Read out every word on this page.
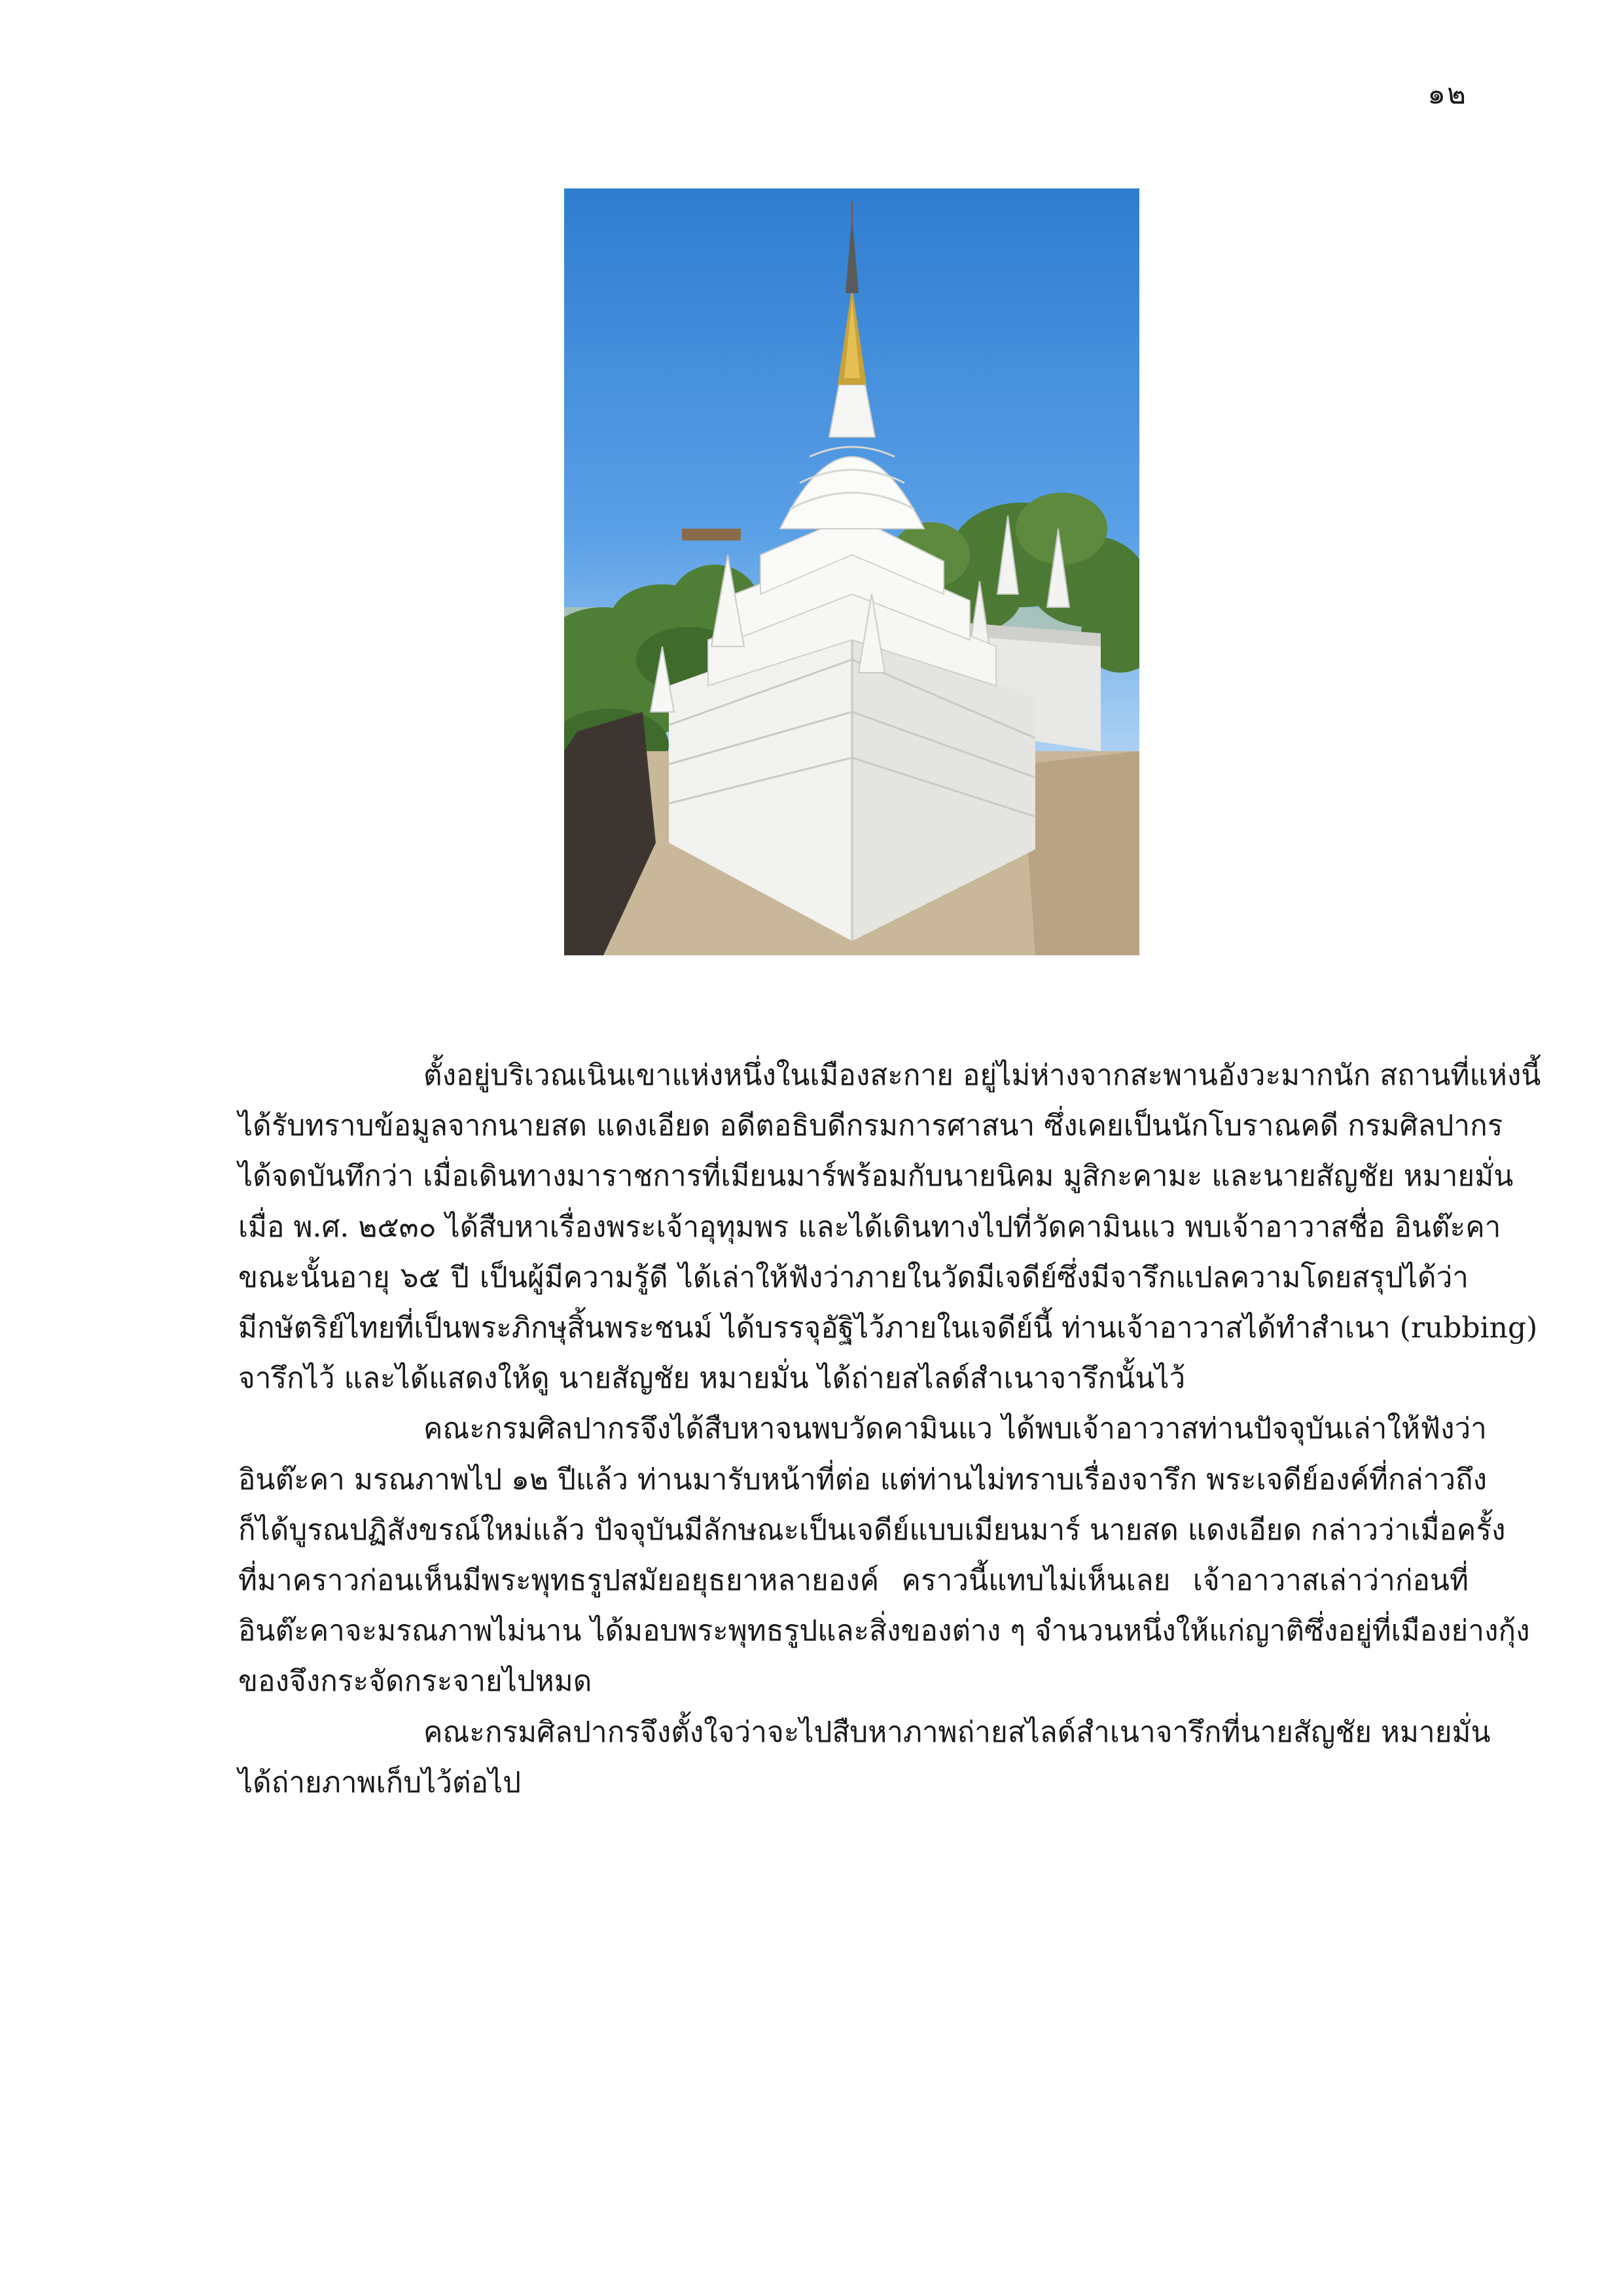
๑๒

ตั้งอยู่บริเวณเนินเขาแห่งหนึ่งในเมืองสะกาย อยู่ไม่ห่างจากสะพานอังวะมากนัก สถานที่แห่งนี้
ได้รับทราบข้อมูลจากนายสด แดงเอียด อดีตอธิบดีกรมการศาสนา ซึ่งเคยเป็นนักโบราณคดี กรมศิลปากร
ได้จดบันทึกว่า เมื่อเดินทางมาราชการที่เมียนมาร์พร้อมกับนายนิคม มูสิกะคามะ และนายสัญชัย หมายมั่น
เมื่อ พ.ศ. ๒๕๓๐ ได้สืบหาเรื่องพระเจ้าอุทุมพร และได้เดินทางไปที่วัดคามินแว พบเจ้าอาวาสชื่อ อินต๊ะคา
ขณะนั้นอายุ ๖๕ ปี เป็นผู้มีความรู้ดี ได้เล่าให้ฟังว่าภายในวัดมีเจดีย์ซึ่งมีจารึกแปลความโดยสรุปได้ว่า
มีกษัตริย์ไทยที่เป็นพระภิกษุสิ้นพระชนม์ ได้บรรจุอัฐิไว้ภายในเจดีย์นี้ ท่านเจ้าอาวาสได้ทำสำเนา (rubbing)
จารึกไว้ และได้แสดงให้ดู นายสัญชัย หมายมั่น ได้ถ่ายสไลด์สำเนาจารึกนั้นไว้

คณะกรมศิลปากรจึงได้สืบหาจนพบวัดคามินแว ได้พบเจ้าอาวาสท่านปัจจุบันเล่าให้ฟังว่า
อินต๊ะคา มรณภาพไป ๑๒ ปีแล้ว ท่านมารับหน้าที่ต่อ แต่ท่านไม่ทราบเรื่องจารึก พระเจดีย์องค์ที่กล่าวถึง
ก็ได้บูรณปฏิสังขรณ์ใหม่แล้ว ปัจจุบันมีลักษณะเป็นเจดีย์แบบเมียนมาร์ นายสด แดงเอียด กล่าวว่าเมื่อครั้ง
ที่มาคราวก่อนเห็นมีพระพุทธรูปสมัยอยุธยาหลายองค์ คราวนี้แทบไม่เห็นเลย เจ้าอาวาสเล่าว่าก่อนที่
อินต๊ะคาจะมรณภาพไม่นาน ได้มอบพระพุทธรูปและสิ่งของต่าง ๆ จำนวนหนึ่งให้แก่ญาติซึ่งอยู่ที่เมืองย่างกุ้ง
ของจึงกระจัดกระจายไปหมด

คณะกรมศิลปากรจึงตั้งใจว่าจะไปสืบหาภาพถ่ายสไลด์สำเนาจารึกที่นายสัญชัย หมายมั่น
ได้ถ่ายภาพเก็บไว้ต่อไป
